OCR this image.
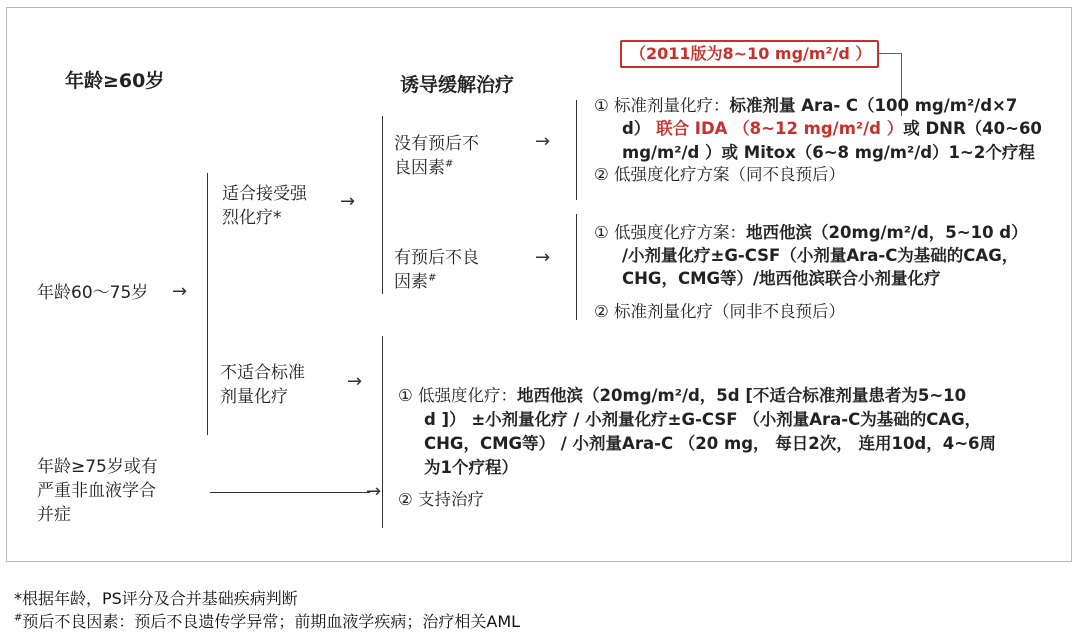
年龄≥60岁	诱导缓解治疗
（2011版为8~10 mg/m²/d ）
年龄60～75岁 →
年龄≥75岁或有
严重非血液学合
并症
→
适合接受强
烈化疗*
→
不适合标准
剂量化疗
→
没有预后不
良因素#
→
有预后不良
因素#
→
① 标准剂量化疗：标准剂量 Ara- C（100 mg/m²/d×7
d） 联合 IDA （8~12 mg/m²/d ）或 DNR（40~60
mg/m²/d ）或 Mitox（6~8 mg/m²/d）1~2个疗程
② 低强度化疗方案（同不良预后）
① 低强度化疗方案：地西他滨（20mg/m²/d，5~10 d）
/小剂量化疗±G-CSF（小剂量Ara-C为基础的CAG，
CHG，CMG等）/地西他滨联合小剂量化疗
② 标准剂量化疗（同非不良预后）
① 低强度化疗：地西他滨（20mg/m²/d，5d [不适合标准剂量患者为5~10
d ]） ±小剂量化疗 / 小剂量化疗±G-CSF （小剂量Ara-C为基础的CAG，
CHG，CMG等） / 小剂量Ara-C （20 mg， 每日2次， 连用10d，4~6周
为1个疗程）
② 支持治疗
*根据年龄，PS评分及合并基础疾病判断
#预后不良因素：预后不良遗传学异常；前期血液学疾病；治疗相关AML
